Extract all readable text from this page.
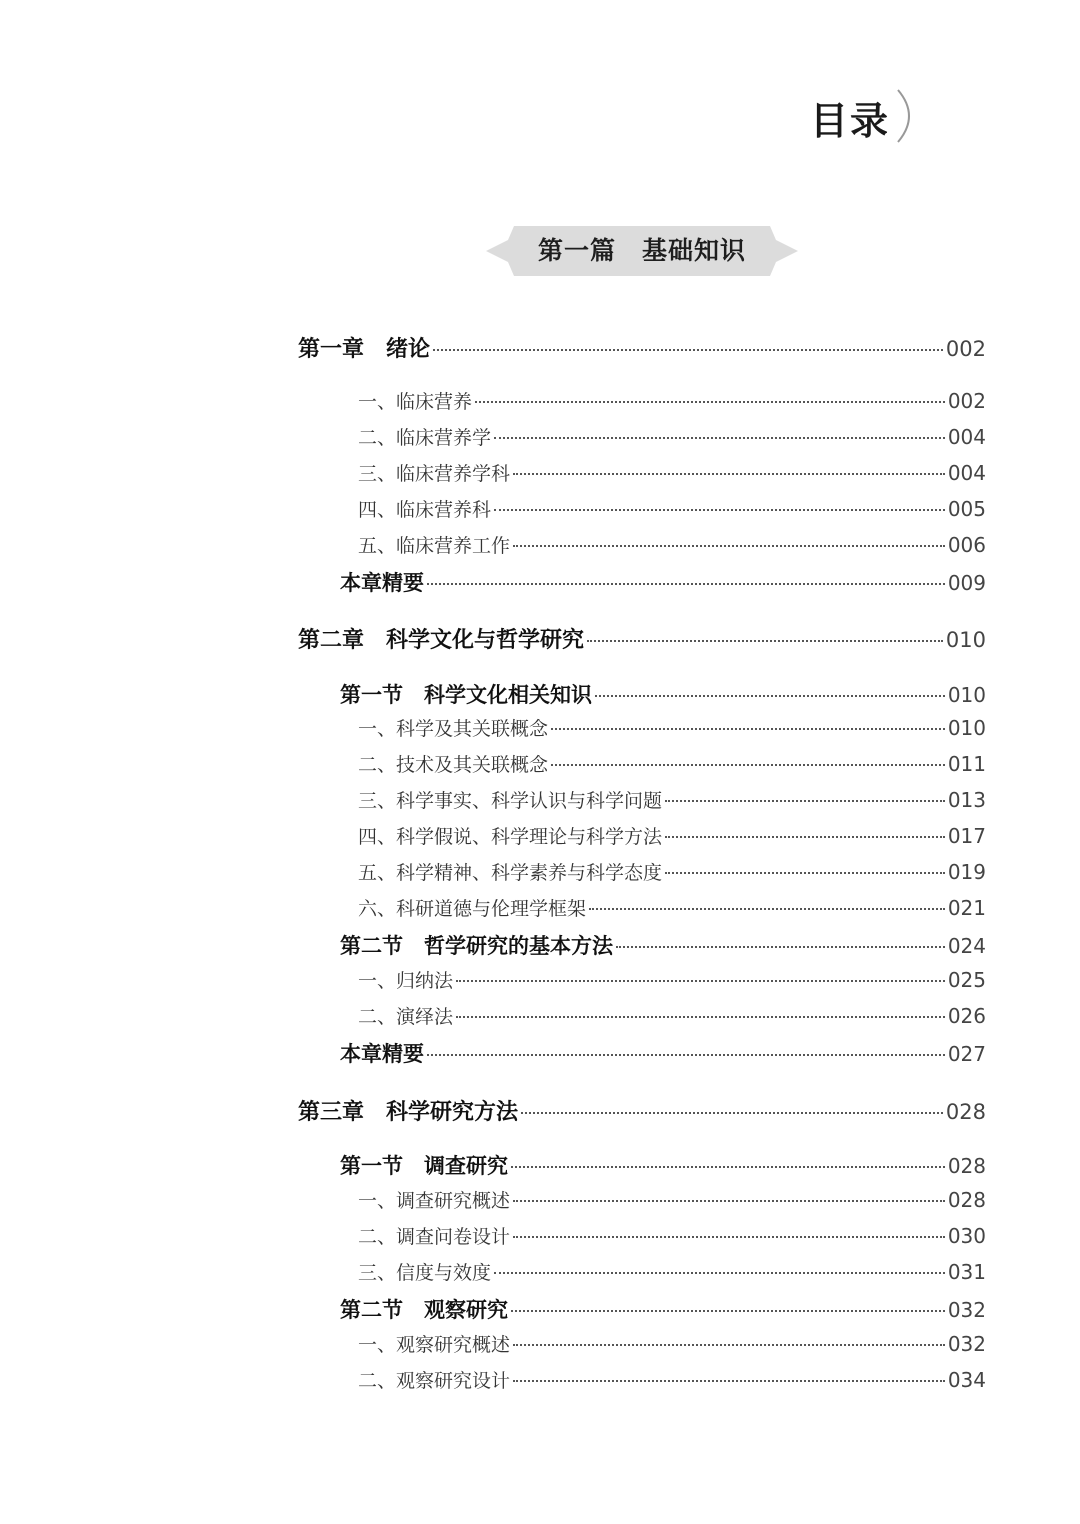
目录
第一篇　基础知识
第一章　绪论	002
一、临床营养	002
二、临床营养学	004
三、临床营养学科	004
四、临床营养科	005
五、临床营养工作	006
本章精要	009
第二章　科学文化与哲学研究	010
第一节　科学文化相关知识	010
一、科学及其关联概念	010
二、技术及其关联概念	011
三、科学事实、科学认识与科学问题	013
四、科学假说、科学理论与科学方法	017
五、科学精神、科学素养与科学态度	019
六、科研道德与伦理学框架	021
第二节　哲学研究的基本方法	024
一、归纳法	025
二、演绎法	026
本章精要	027
第三章　科学研究方法	028
第一节　调查研究	028
一、调查研究概述	028
二、调查问卷设计	030
三、信度与效度	031
第二节　观察研究	032
一、观察研究概述	032
二、观察研究设计	034
